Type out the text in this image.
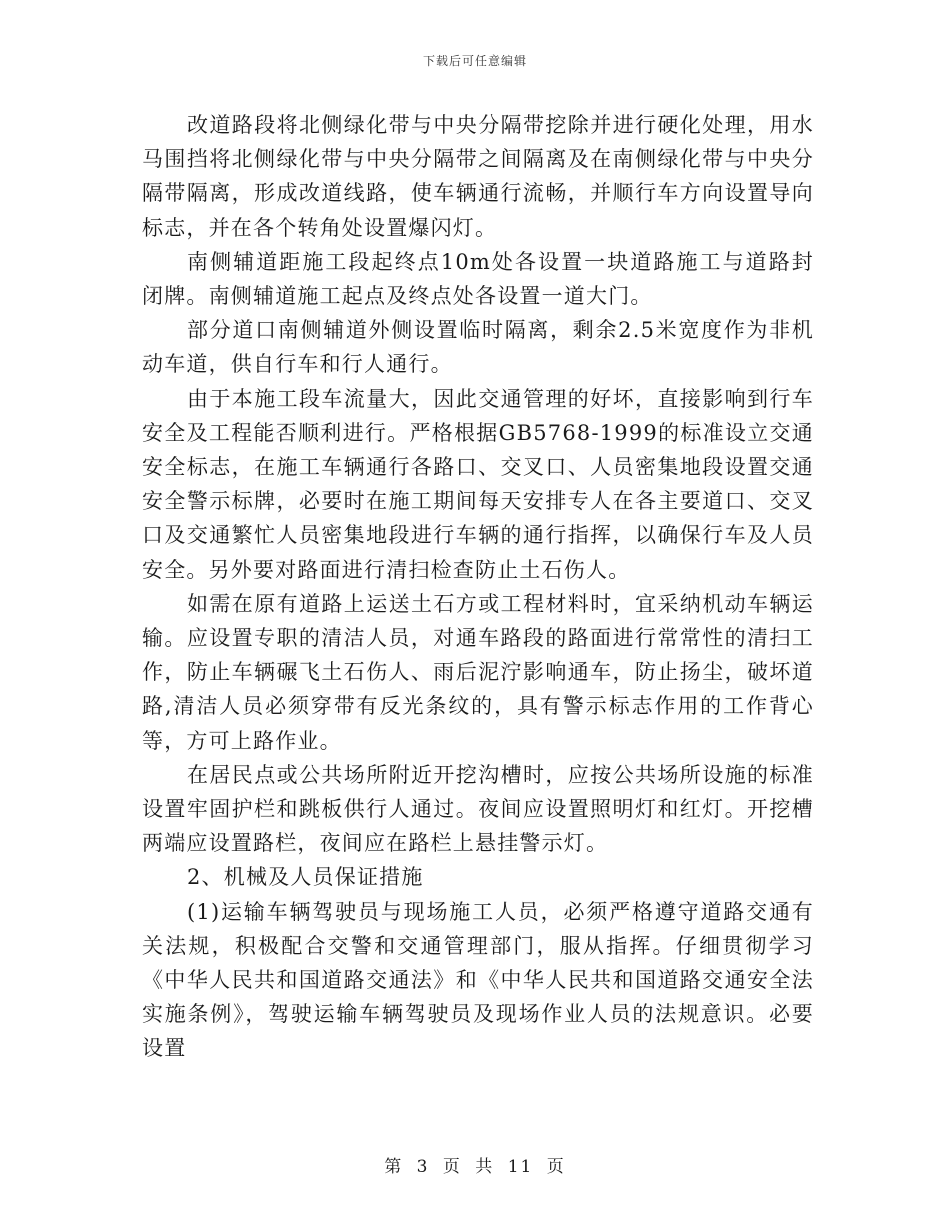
下载后可任意编辑

改道路段将北侧绿化带与中央分隔带挖除并进行硬化处理，用水马围挡将北侧绿化带与中央分隔带之间隔离及在南侧绿化带与中央分隔带隔离，形成改道线路，使车辆通行流畅，并顺行车方向设置导向标志，并在各个转角处设置爆闪灯。

南侧辅道距施工段起终点10m处各设置一块道路施工与道路封闭牌。南侧辅道施工起点及终点处各设置一道大门。

部分道口南侧辅道外侧设置临时隔离，剩余2.5米宽度作为非机动车道，供自行车和行人通行。

由于本施工段车流量大，因此交通管理的好坏，直接影响到行车安全及工程能否顺利进行。严格根据GB5768-1999的标准设立交通安全标志，在施工车辆通行各路口、交叉口、人员密集地段设置交通安全警示标牌，必要时在施工期间每天安排专人在各主要道口、交叉口及交通繁忙人员密集地段进行车辆的通行指挥，以确保行车及人员安全。另外要对路面进行清扫检查防止土石伤人。

如需在原有道路上运送土石方或工程材料时，宜采纳机动车辆运输。应设置专职的清洁人员，对通车路段的路面进行常常性的清扫工作，防止车辆碾飞土石伤人、雨后泥泞影响通车，防止扬尘，破坏道路,清洁人员必须穿带有反光条纹的，具有警示标志作用的工作背心等，方可上路作业。

在居民点或公共场所附近开挖沟槽时，应按公共场所设施的标准设置牢固护栏和跳板供行人通过。夜间应设置照明灯和红灯。开挖槽两端应设置路栏，夜间应在路栏上悬挂警示灯。

2、机械及人员保证措施

(1)运输车辆驾驶员与现场施工人员，必须严格遵守道路交通有关法规，积极配合交警和交通管理部门，服从指挥。仔细贯彻学习《中华人民共和国道路交通法》和《中华人民共和国道路交通安全法实施条例》，驾驶运输车辆驾驶员及现场作业人员的法规意识。必要设置

第 3 页 共 11 页
